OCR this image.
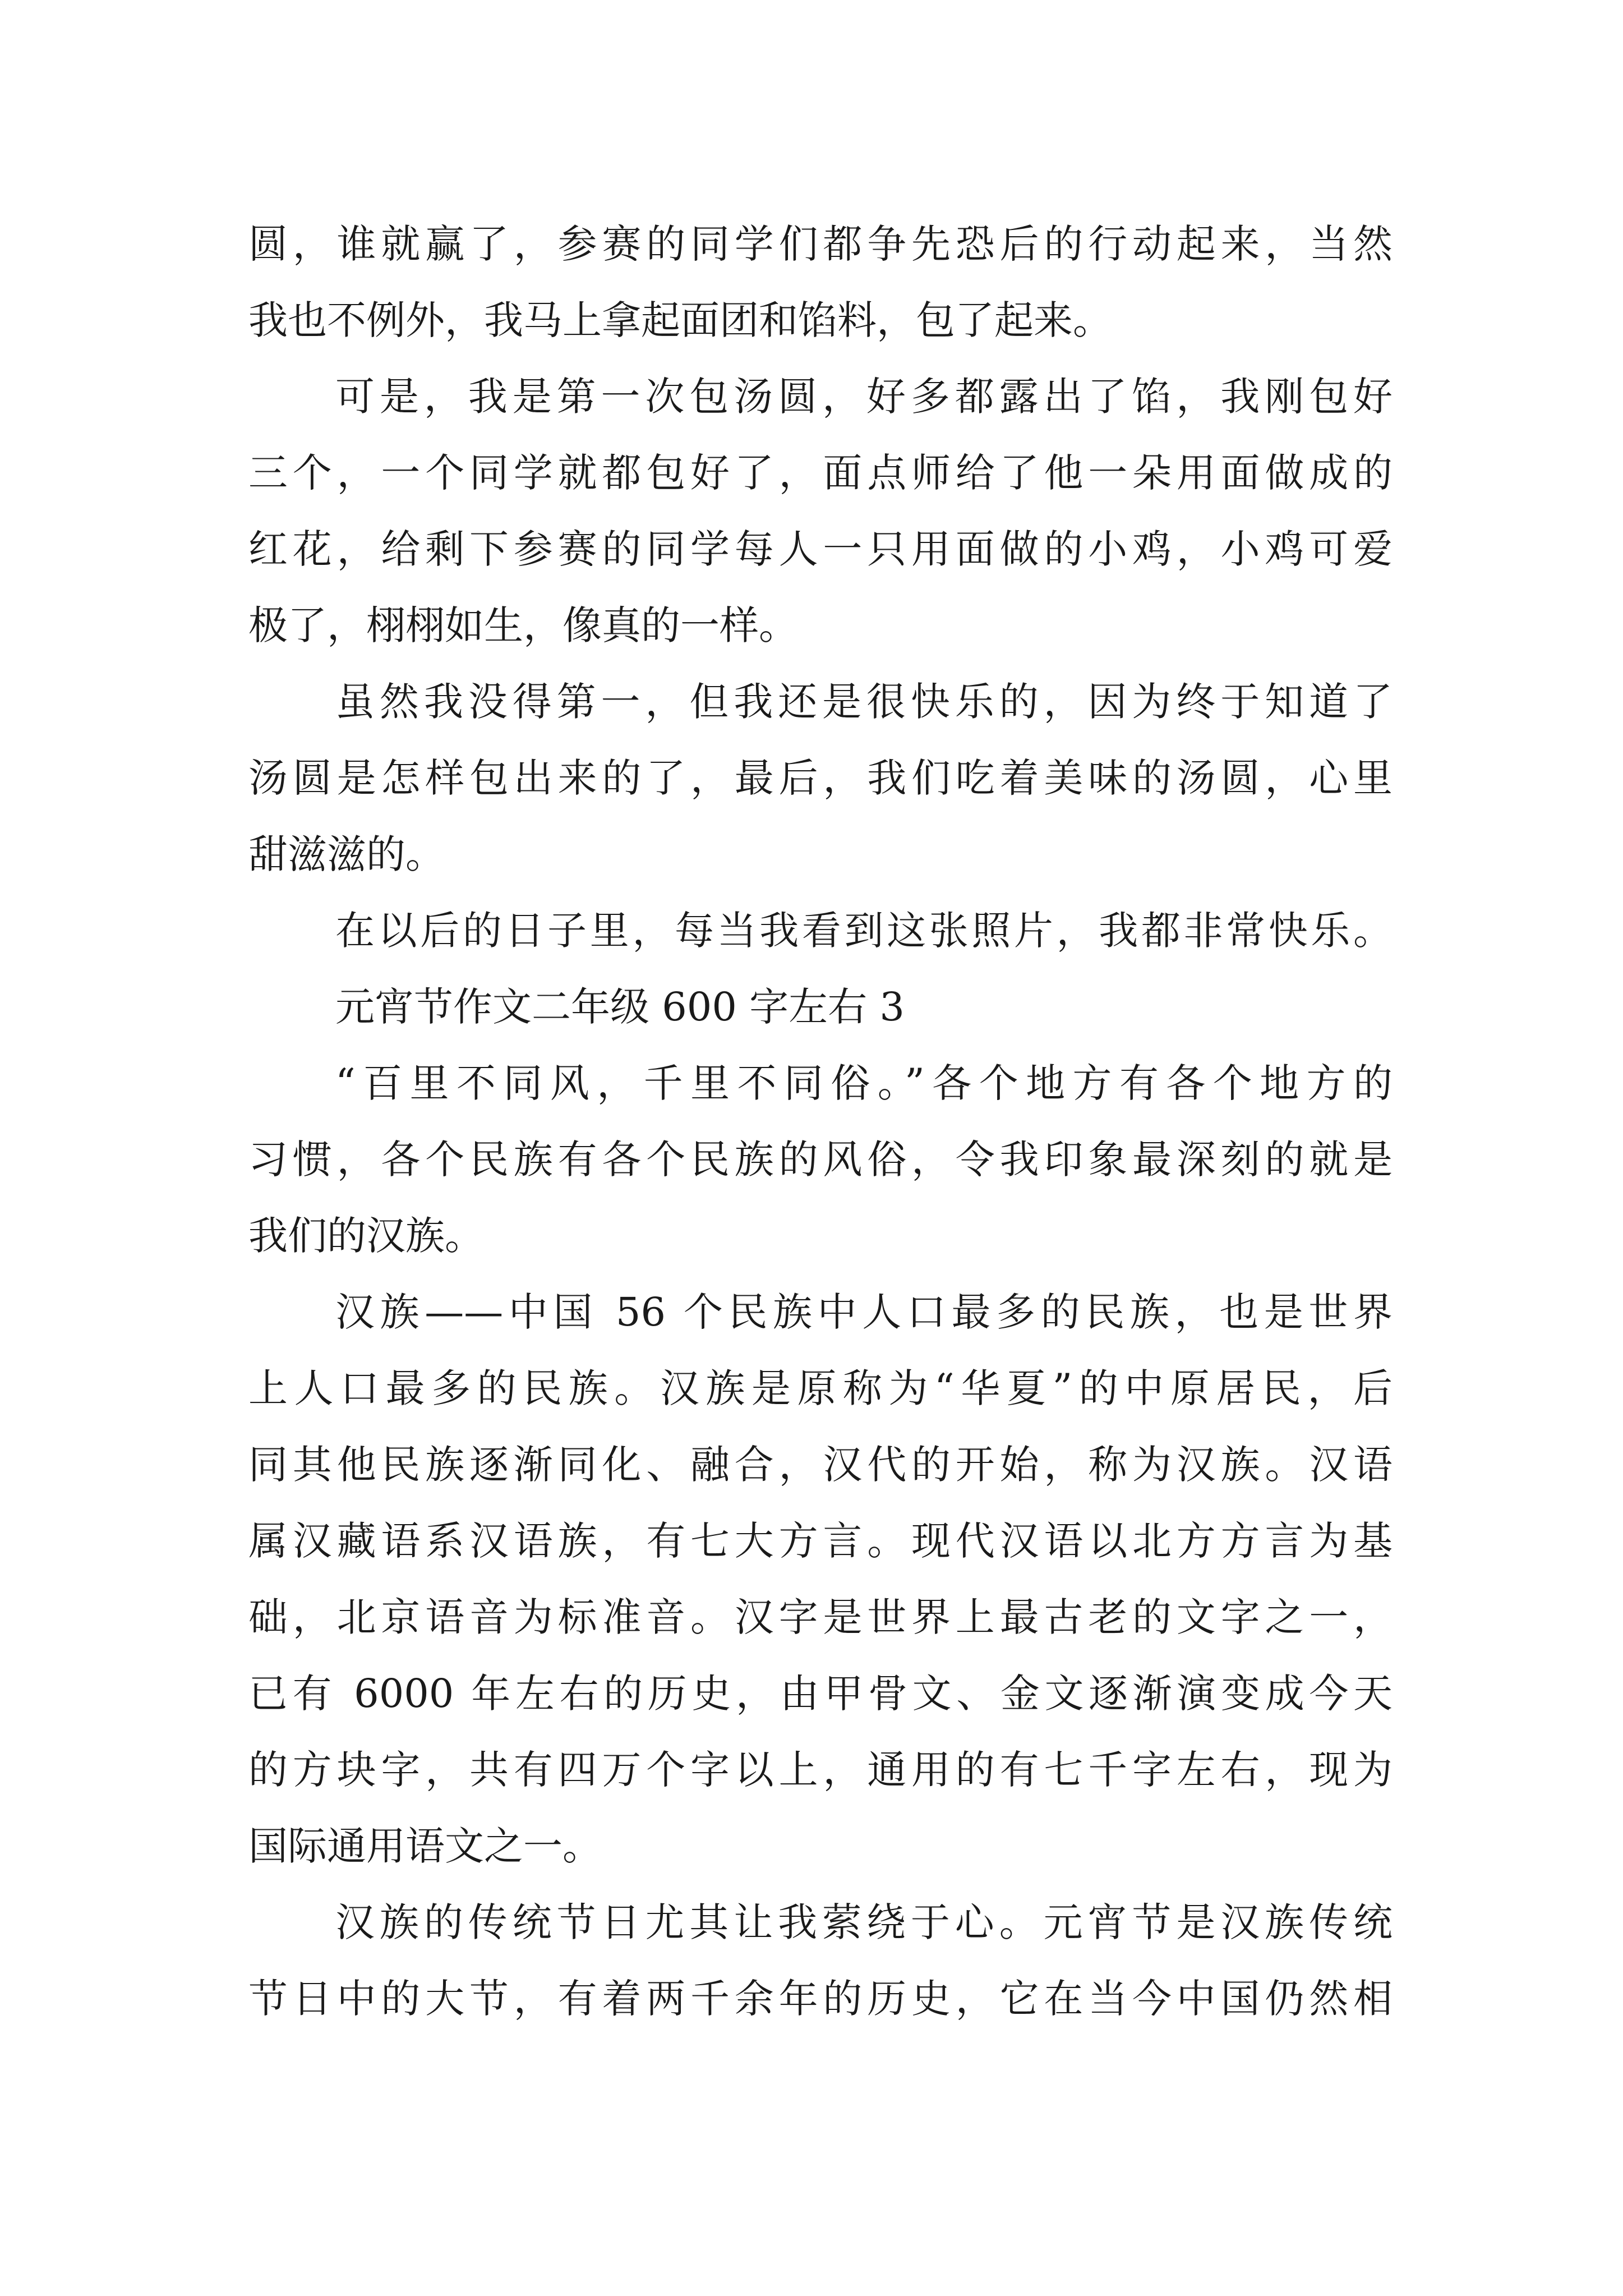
圆，谁就赢了，参赛的同学们都争先恐后的行动起来，当然
我也不例外，我马上拿起面团和馅料，包了起来。
可是，我是第一次包汤圆，好多都露出了馅，我刚包好
三个，一个同学就都包好了，面点师给了他一朵用面做成的
红花，给剩下参赛的同学每人一只用面做的小鸡，小鸡可爱
极了，栩栩如生，像真的一样。
虽然我没得第一，但我还是很快乐的，因为终于知道了
汤圆是怎样包出来的了，最后，我们吃着美味的汤圆，心里
甜滋滋的。
在以后的日子里，每当我看到这张照片，我都非常快乐。
元宵节作文二年级 600 字左右 3
“百里不同风，千里不同俗。”各个地方有各个地方的
习惯，各个民族有各个民族的风俗，令我印象最深刻的就是
我们的汉族。
汉族——中国 56 个民族中人口最多的民族，也是世界
上人口最多的民族。汉族是原称为“华夏”的中原居民，后
同其他民族逐渐同化、融合，汉代的开始，称为汉族。汉语
属汉藏语系汉语族，有七大方言。现代汉语以北方方言为基
础，北京语音为标准音。汉字是世界上最古老的文字之一，
已有 6000 年左右的历史，由甲骨文、金文逐渐演变成今天
的方块字，共有四万个字以上，通用的有七千字左右，现为
国际通用语文之一。
汉族的传统节日尤其让我萦绕于心。元宵节是汉族传统
节日中的大节，有着两千余年的历史，它在当今中国仍然相
